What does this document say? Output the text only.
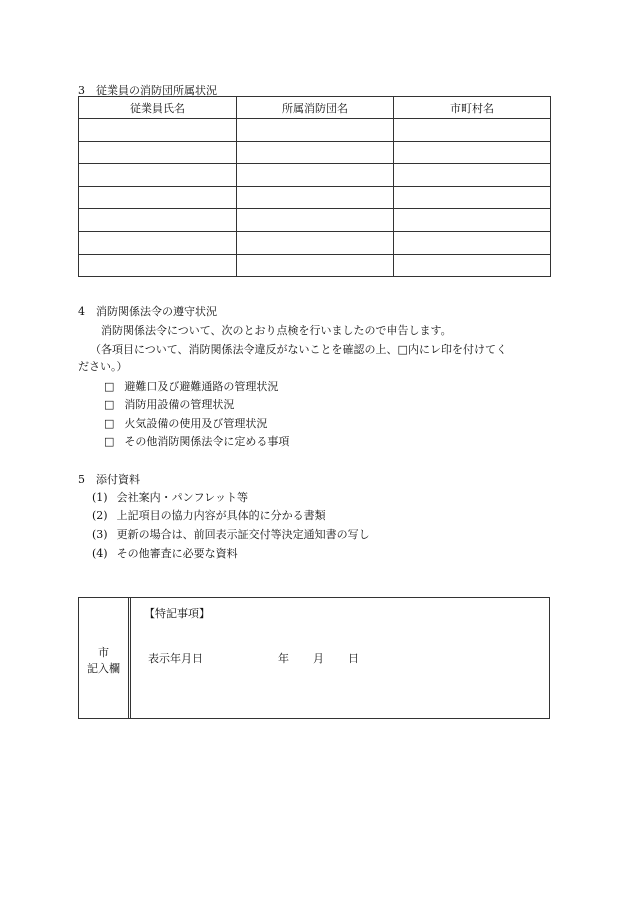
3　従業員の消防団所属状況
従業員氏名	所属消防団名	市町村名

4　消防関係法令の遵守状況
消防関係法令について、次のとおり点検を行いましたので申告します。
（各項目について、消防関係法令違反がないことを確認の上、□内にレ印を付けてく
ださい。）
□ 避難口及び避難通路の管理状況
□ 消防用設備の管理状況
□ 火気設備の使用及び管理状況
□ その他消防関係法令に定める事項
5　添付資料
(1) 会社案内・パンフレット等
(2) 上記項目の協力内容が具体的に分かる書類
(3) 更新の場合は、前回表示証交付等決定通知書の写し
(4) その他審査に必要な資料
市
記入欄
【特記事項】
表示年月日	年 月 日
